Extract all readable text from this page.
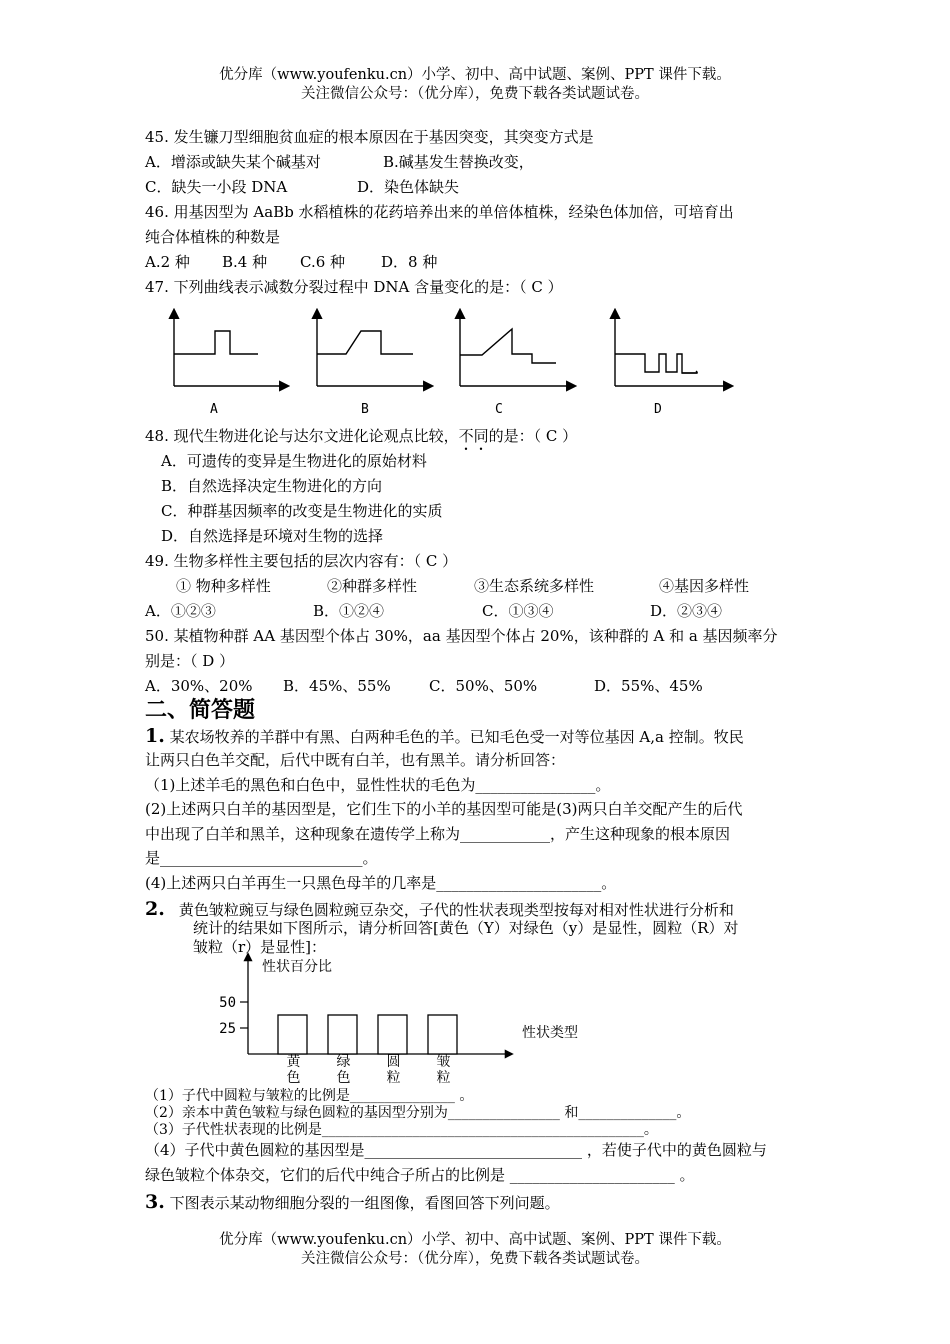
优分库（www.youfenku.cn）小学、初中、高中试题、案例、PPT 课件下载。
关注微信公众号：（优分库），免费下载各类试题试卷。
45. 发生镰刀型细胞贫血症的根本原因在于基因突变，其突变方式是
A．增添或缺失某个碱基对	B.碱基发生替换改变，
C．缺失一小段 DNA	D．染色体缺失
46. 用基因型为 AaBb 水稻植株的花药培养出来的单倍体植株，经染色体加倍，可培育出
纯合体植株的种数是
A.2 种 B.4 种 C.6 种 D．8 种
47. 下列曲线表示减数分裂过程中 DNA 含量变化的是：（ C ）
A	B	C	D
48. 现代生物进化论与达尔文进化论观点比较，不同的是：（ C ）
A．可遗传的变异是生物进化的原始材料
B．自然选择决定生物进化的方向
C．种群基因频率的改变是生物进化的实质
D．自然选择是环境对生物的选择
49. 生物多样性主要包括的层次内容有：（ C ）
① 物种多样性	②种群多样性	③生态系统多样性	④基因多样性
A．①②③	B．①②④	C．①③④	D．②③④
50. 某植物种群 AA 基因型个体占 30%，aa 基因型个体占 20%，该种群的 A 和 a 基因频率分
别是：（ D ）
A．30%、20% B．45%、55%	C．50%、50%	D．55%、45%
二、简答题
1. 某农场牧养的羊群中有黑、白两种毛色的羊。已知毛色受一对等位基因 A,a 控制。牧民
让两只白色羊交配，后代中既有白羊，也有黑羊。请分析回答：
（1)上述羊毛的黑色和白色中，显性性状的毛色为________________。
(2)上述两只白羊的基因型是，它们生下的小羊的基因型可能是(3)两只白羊交配产生的后代
中出现了白羊和黑羊，这种现象在遗传学上称为____________，产生这种现象的根本原因
是___________________________。
(4)上述两只白羊再生一只黑色母羊的几率是______________________。
2. 黄色皱粒豌豆与绿色圆粒豌豆杂交，子代的性状表现类型按每对相对性状进行分析和
统计的结果如下图所示，请分析回答[黄色（Y）对绿色（y）是显性，圆粒（R）对
皱粒（r）是显性]：
性状百分比
性状类型
25
50
黄
色
绿
色
圆
粒
皱
粒
（1）子代中圆粒与皱粒的比例是_______________ 。
（2）亲本中黄色皱粒与绿色圆粒的基因型分别为________________ 和______________。
（3）子代性状表现的比例是______________________________________________。
（4）子代中黄色圆粒的基因型是_____________________________ ，若使子代中的黄色圆粒与
绿色皱粒个体杂交，它们的后代中纯合子所占的比例是 ______________________ 。
3. 下图表示某动物细胞分裂的一组图像，看图回答下列问题。
优分库（www.youfenku.cn）小学、初中、高中试题、案例、PPT 课件下载。
关注微信公众号：（优分库），免费下载各类试题试卷。
